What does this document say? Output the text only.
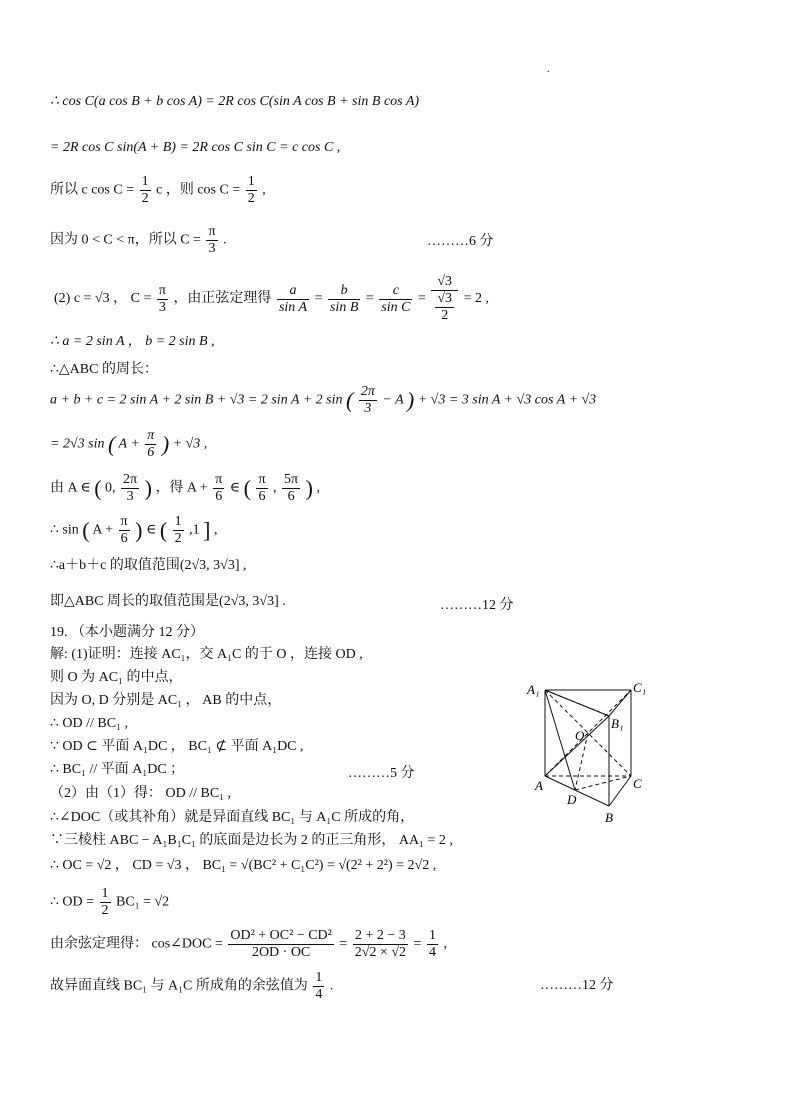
.
∴ cos C(a cos B + b cos A) = 2R cos C(sin A cos B + sin B cos A)
= 2R cos C sin(A + B) = 2R cos C sin C = c cos C ,
所以 c $\cos C = \frac{1}{2}$ c ，则 $\cos C = \frac{1}{2}$ ,
因为 0 < C < π，所以 $C = \frac{\pi}{3}$ .	………6 分
(2) c = √3 ， $C = \frac{\pi}{3}$ ，由正弦定理得 $\frac{a}{\text{sin A}} = \frac{b}{\text{sin B}} = \frac{c}{\text{sin C}} = \frac{√3}{\frac{√3}{2}} = 2$ ,
∴ a = 2 sin A ， b = 2 sin B ,
∴△ABC 的周长：
a + b + c = 2 sin A + 2 sin B + √3 = 2 sin A + 2 sin ( $\frac{2\pi}{3} - A$ ) + √3 = 3 sin A + √3 cos A + √3
= 2√3 sin ( $A + \frac{\pi}{6}$ ) + √3 ,
由 A ∈ ( 0, $\frac{2\pi}{3}$ ) ，得 $A + \frac{\pi}{6}$ ∈ ( $\frac{\pi}{6}$ , $\frac{5\pi}{6}$ ) ,
∴ sin ( $A + \frac{\pi}{6}$ ) ∈ ( $\frac{1}{2} ,1$ ] ,
∴a＋b＋c 的取值范围(2√3, 3√3] ,
即△ABC 周长的取值范围是(2√3, 3√3] .	………12 分
19. （本小题满分 12 分）
解: (1)证明：连接 AC₁，交 A₁C 的于 O ，连接 OD ,
则 O 为 AC₁ 的中点，
因为 O, D 分别是 AC₁ ， AB 的中点，
∴ OD // BC₁ ,
∵ OD ⊂ 平面 A₁DC ， BC₁ ⊄ 平面 A₁DC ,
∴ BC₁ // 平面 A₁DC ；	………5 分
（2）由（1）得： OD // BC₁ ,
∴∠DOC（或其补角）就是异面直线 BC₁ 与 A₁C 所成的角，
∵三棱柱 ABC − A₁B₁C₁ 的底面是边长为 2 的正三角形， AA₁ = 2 ,
∴ OC = √2 ， CD = √3 ， BC₁ = √(BC² + C₁C²) = √(2² + 2²) = 2√2 ,
∴ OD = $\frac{1}{2} BC_1 = √2$
由余弦定理得： cos∠DOC = $\frac{\text{OD² + OC² − CD²}}{2OD \cdot OC} = \frac{2 + 2 - 3}{2√2 \times √2} = \frac{1}{4}$ ,
故异面直线 BC₁ 与 A₁C 所成角的余弦值为 $\frac{1}{4}$ .	………12 分
A₁	C₁
B₁
O
A	C
D
B
